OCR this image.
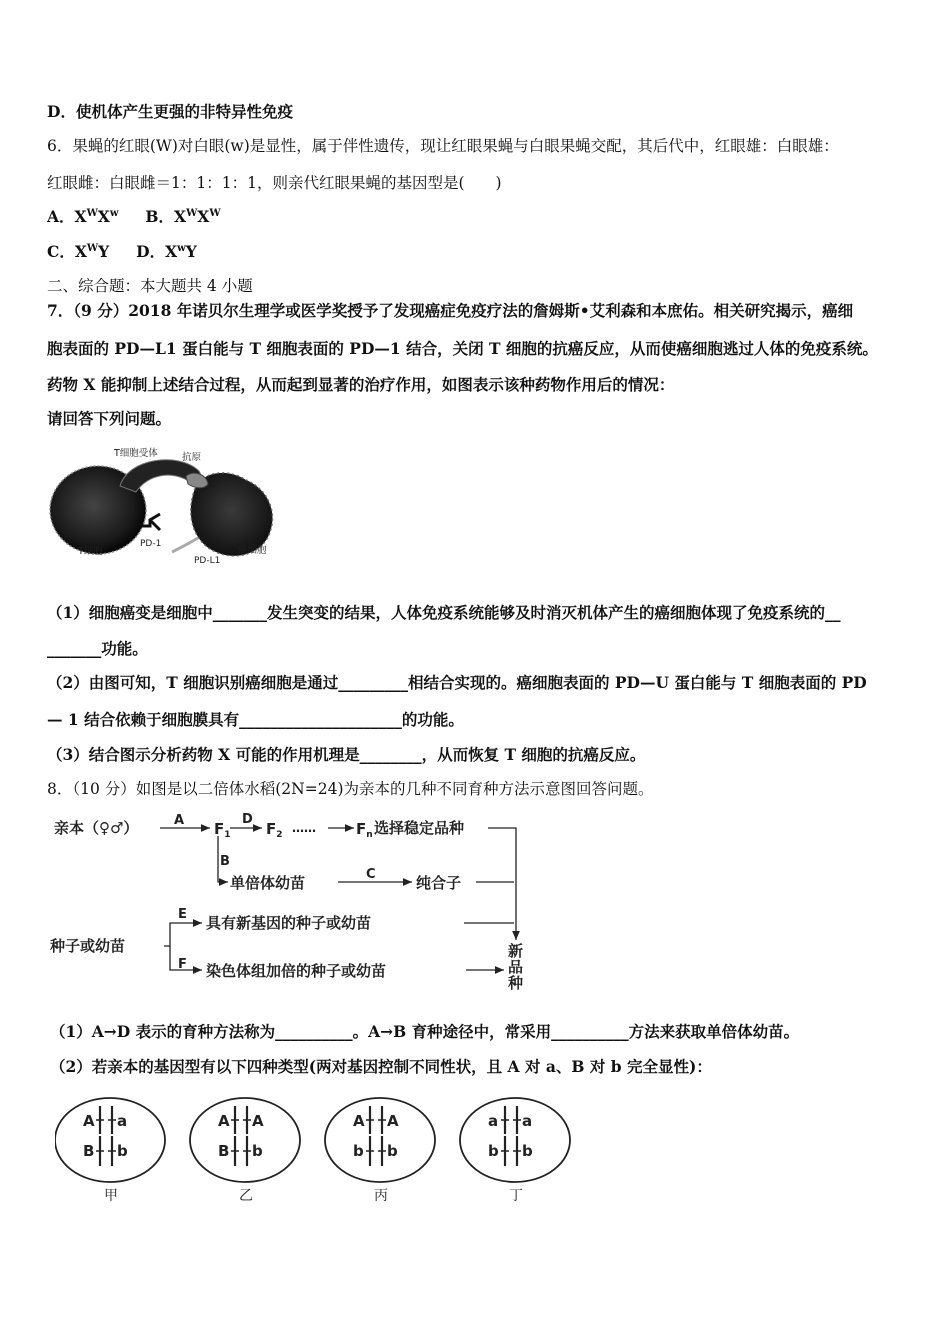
D．使机体产生更强的非特异性免疫
6．果蝇的红眼(W)对白眼(w)是显性，属于伴性遗传，现让红眼果蝇与白眼果蝇交配，其后代中，红眼雄：白眼雄：
红眼雌：白眼雌＝1：1：1：1，则亲代红眼果蝇的基因型是(　　)
A．$X^WX^w$ B．$X^WX^W$
C．$X^WY$ D．$X^wY$
二、综合题：本大题共 4 小题
7．（9 分）2018 年诺贝尔生理学或医学奖授予了发现癌症免疫疗法的詹姆斯•艾利森和本庶佑。相关研究揭示，癌细
胞表面的 PD—L1 蛋白能与 T 细胞表面的 PD—1 结合，关闭 T 细胞的抗癌反应，从而使癌细胞逃过人体的免疫系统。
药物 X 能抑制上述结合过程，从而起到显著的治疗作用，如图表示该种药物作用后的情况：
请回答下列问题。
T细胞受体	抗原
PD-1
PD-L1
T细胞	癌细胞
（1）细胞癌变是细胞中_______发生突变的结果，人体免疫系统能够及时消灭机体产生的癌细胞体现了免疫系统的__
_______功能。
（2）由图可知，T 细胞识别癌细胞是通过_________相结合实现的。癌细胞表面的 PD—U 蛋白能与 T 细胞表面的 PD
— 1 结合依赖于细胞膜具有_____________________的功能。
（3）结合图示分析药物 X 可能的作用机理是________，从而恢复 T 细胞的抗癌反应。
8．（10 分）如图是以二倍体水稻(2N=24)为亲本的几种不同育种方法示意图回答问题。
亲本（♀♂）	A $F_1$
D
$F_2$ ……	$F_n$ 选择稳定品种
B
单倍体幼苗	C	纯合子
种子或幼苗
E 具有新基因的种子或幼苗
F 染色体组加倍的种子或幼苗
新
品
种
（1）A→D 表示的育种方法称为__________。A→B 育种途径中，常采用__________方法来获取单倍体幼苗。
（2）若亲本的基因型有以下四种类型(两对基因控制不同性状，且 A 对 a、B 对 b 完全显性)：
A a
B b
甲
A A
B b
乙
A A
b b
丙
a a
b b
丁
